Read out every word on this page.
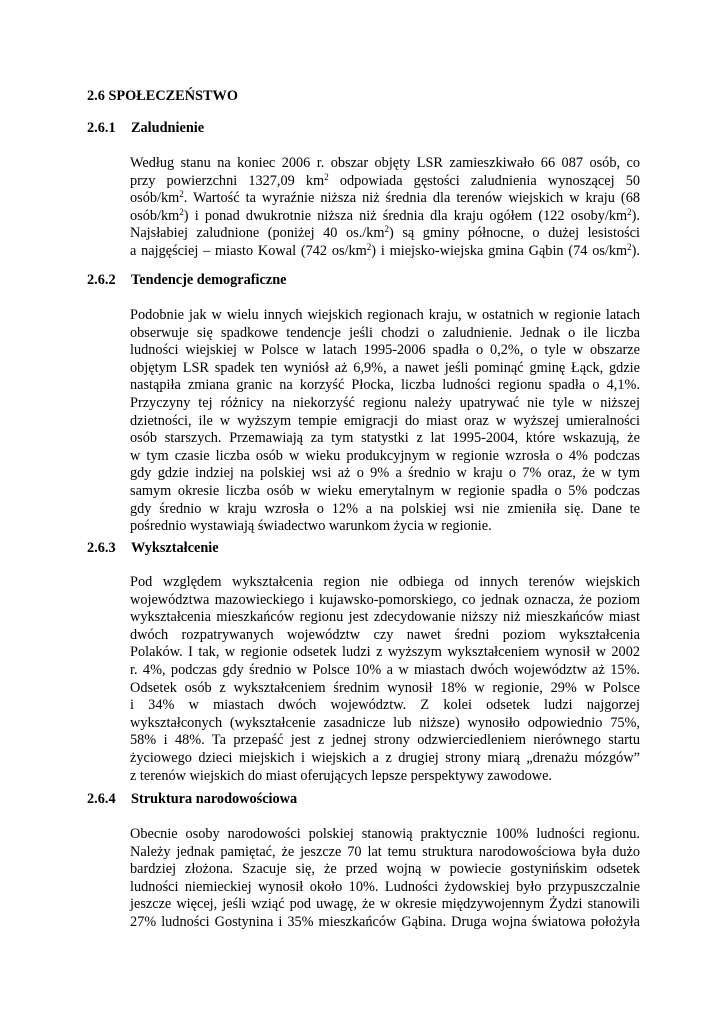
2.6 SPOŁECZEŃSTWO
2.6.1 Zaludnienie
Według stanu na koniec 2006 r. obszar objęty LSR zamieszkiwało 66 087 osób, co
przy powierzchni 1327,09 $km^2$ odpowiada gęstości zaludnienia wynoszącej 50
osób/$km^2$. Wartość ta wyraźnie niższa niż średnia dla terenów wiejskich w kraju (68
osób/$km^2$) i ponad dwukrotnie niższa niż średnia dla kraju ogółem (122 osoby/$km^2$).
Najsłabiej zaludnione (poniżej 40 $os./km^2$) są gminy północne, o dużej lesistości
a najgęściej – miasto Kowal (742 $os/km^2$) i miejsko-wiejska gmina Gąbin (74 $os/km^2$).
2.6.2 Tendencje demograficzne
Podobnie jak w wielu innych wiejskich regionach kraju, w ostatnich w regionie latach
obserwuje się spadkowe tendencje jeśli chodzi o zaludnienie. Jednak o ile liczba
ludności wiejskiej w Polsce w latach 1995-2006 spadła o 0,2%, o tyle w obszarze
objętym LSR spadek ten wyniósł aż 6,9%, a nawet jeśli pominąć gminę Łąck, gdzie
nastąpiła zmiana granic na korzyść Płocka, liczba ludności regionu spadła o 4,1%.
Przyczyny tej różnicy na niekorzyść regionu należy upatrywać nie tyle w niższej
dzietności, ile w wyższym tempie emigracji do miast oraz w wyższej umieralności
osób starszych. Przemawiają za tym statystki z lat 1995-2004, które wskazują, że
w tym czasie liczba osób w wieku produkcyjnym w regionie wzrosła o 4% podczas
gdy gdzie indziej na polskiej wsi aż o 9% a średnio w kraju o 7% oraz, że w tym
samym okresie liczba osób w wieku emerytalnym w regionie spadła o 5% podczas
gdy średnio w kraju wzrosła o 12% a na polskiej wsi nie zmieniła się. Dane te
pośrednio wystawiają świadectwo warunkom życia w regionie.
2.6.3 Wykształcenie
Pod względem wykształcenia region nie odbiega od innych terenów wiejskich
województwa mazowieckiego i kujawsko-pomorskiego, co jednak oznacza, że poziom
wykształcenia mieszkańców regionu jest zdecydowanie niższy niż mieszkańców miast
dwóch rozpatrywanych województw czy nawet średni poziom wykształcenia
Polaków. I tak, w regionie odsetek ludzi z wyższym wykształceniem wynosił w 2002
r. 4%, podczas gdy średnio w Polsce 10% a w miastach dwóch województw aż 15%.
Odsetek osób z wykształceniem średnim wynosił 18% w regionie, 29% w Polsce
i 34% w miastach dwóch województw. Z kolei odsetek ludzi najgorzej
wykształconych (wykształcenie zasadnicze lub niższe) wynosiło odpowiednio 75%,
58% i 48%. Ta przepaść jest z jednej strony odzwierciedleniem nierównego startu
życiowego dzieci miejskich i wiejskich a z drugiej strony miarą „drenażu mózgów”
z terenów wiejskich do miast oferujących lepsze perspektywy zawodowe.
2.6.4 Struktura narodowościowa
Obecnie osoby narodowości polskiej stanowią praktycznie 100% ludności regionu.
Należy jednak pamiętać, że jeszcze 70 lat temu struktura narodowościowa była dużo
bardziej złożona. Szacuje się, że przed wojną w powiecie gostynińskim odsetek
ludności niemieckiej wynosił około 10%. Ludności żydowskiej było przypuszczalnie
jeszcze więcej, jeśli wziąć pod uwagę, że w okresie międzywojennym Żydzi stanowili
27% ludności Gostynina i 35% mieszkańców Gąbina. Druga wojna światowa położyła
